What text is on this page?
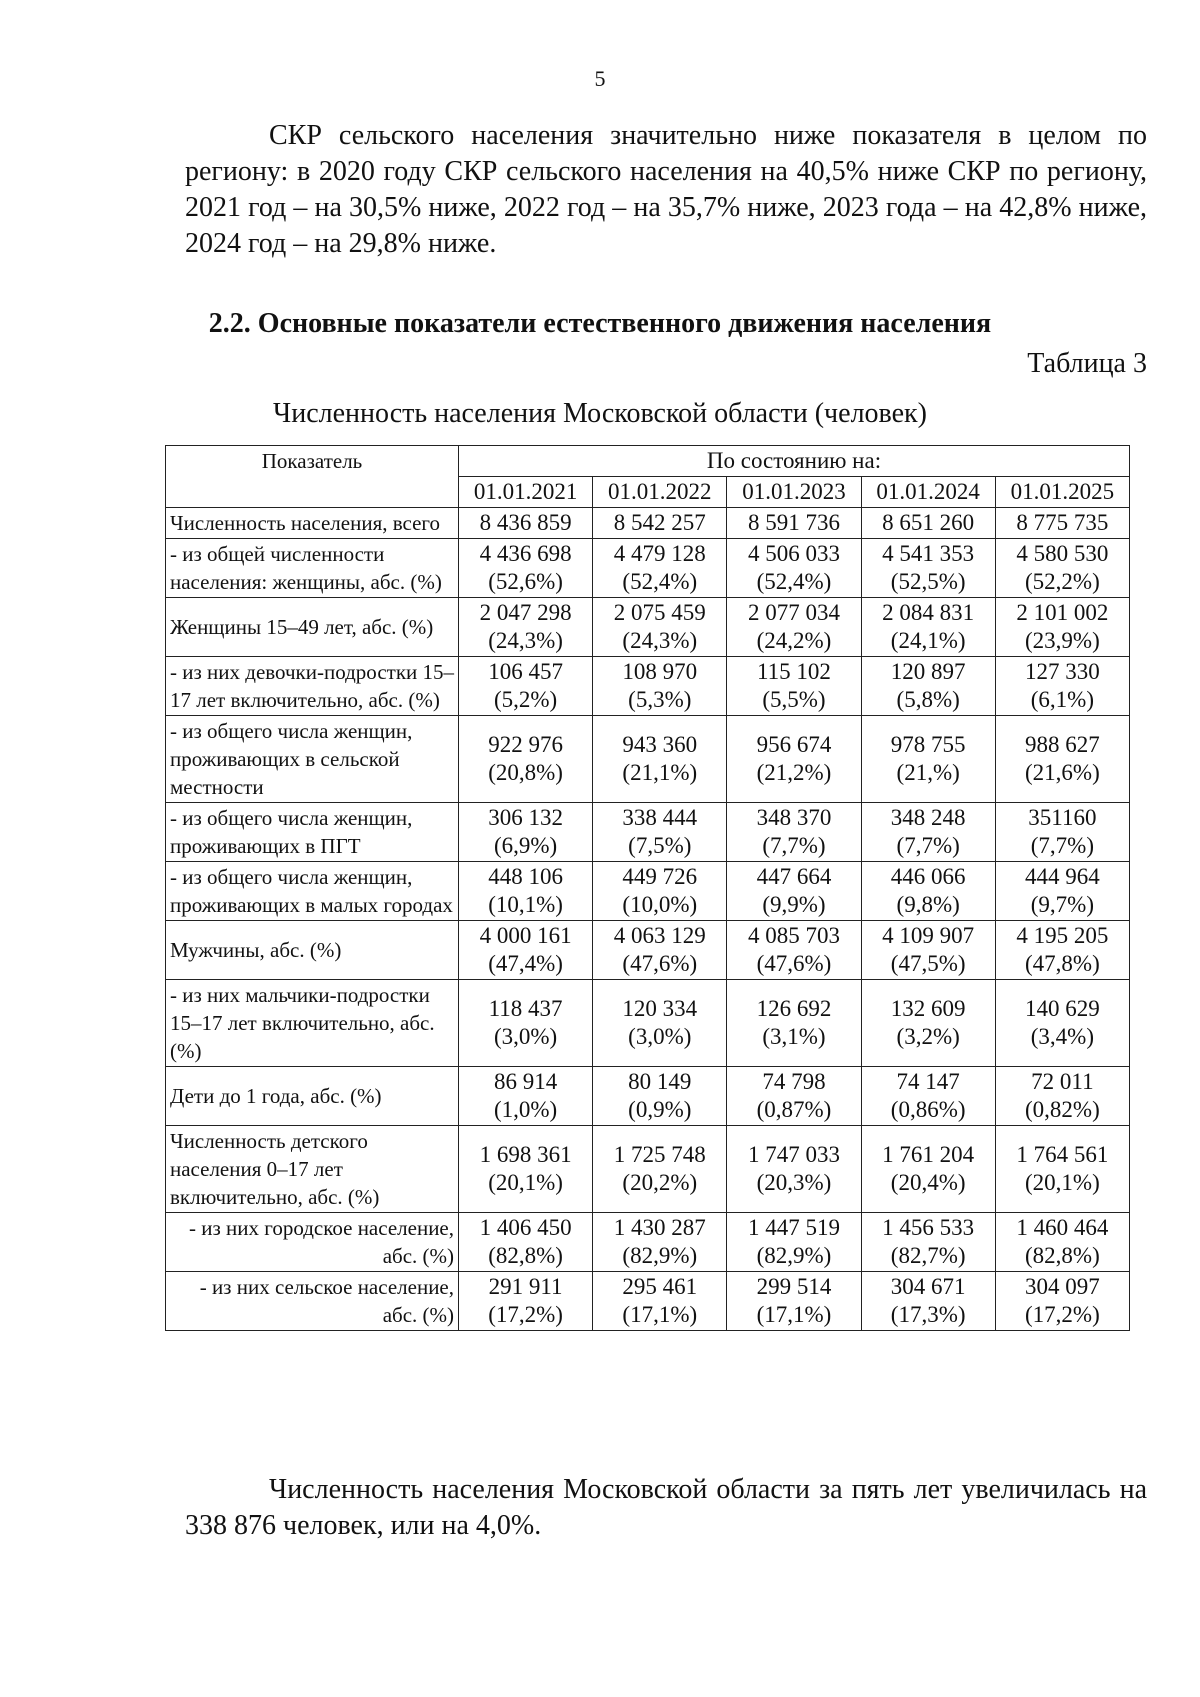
5
СКР сельского населения значительно ниже показателя в целом по региону: в 2020 году СКР сельского населения на 40,5% ниже СКР по региону, 2021 год – на 30,5% ниже, 2022 год – на 35,7% ниже, 2023 года – на 42,8% ниже, 2024 год – на 29,8% ниже.
2.2. Основные показатели естественного движения населения
Таблица 3
Численность населения Московской области (человек)
Показатель	По состоянию на:				
	01.01.2021	01.01.2022	01.01.2023	01.01.2024	01.01.2025
Численность населения, всего	8 436 859	8 542 257	8 591 736	8 651 260	8 775 735
- из общей численности населения: женщины, абс. (%)	4 436 698 (52,6%)	4 479 128 (52,4%)	4 506 033 (52,4%)	4 541 353 (52,5%)	4 580 530 (52,2%)
Женщины 15–49 лет, абс. (%)	2 047 298 (24,3%)	2 075 459 (24,3%)	2 077 034 (24,2%)	2 084 831 (24,1%)	2 101 002 (23,9%)
- из них девочки-подростки 15–17 лет включительно, абс. (%)	106 457 (5,2%)	108 970 (5,3%)	115 102 (5,5%)	120 897 (5,8%)	127 330 (6,1%)
- из общего числа женщин, проживающих в сельской местности	922 976 (20,8%)	943 360 (21,1%)	956 674 (21,2%)	978 755 (21,%)	988 627 (21,6%)
- из общего числа женщин, проживающих в ПГТ	306 132 (6,9%)	338 444 (7,5%)	348 370 (7,7%)	348 248 (7,7%)	351160 (7,7%)
- из общего числа женщин, проживающих в малых городах	448 106 (10,1%)	449 726 (10,0%)	447 664 (9,9%)	446 066 (9,8%)	444 964 (9,7%)
Мужчины, абс. (%)	4 000 161 (47,4%)	4 063 129 (47,6%)	4 085 703 (47,6%)	4 109 907 (47,5%)	4 195 205 (47,8%)
- из них мальчики-подростки 15–17 лет включительно, абс. (%)	118 437 (3,0%)	120 334 (3,0%)	126 692 (3,1%)	132 609 (3,2%)	140 629 (3,4%)
Дети до 1 года, абс. (%)	86 914 (1,0%)	80 149 (0,9%)	74 798 (0,87%)	74 147 (0,86%)	72 011 (0,82%)
Численность детского населения 0–17 лет включительно, абс. (%)	1 698 361 (20,1%)	1 725 748 (20,2%)	1 747 033 (20,3%)	1 761 204 (20,4%)	1 764 561 (20,1%)
- из них городское население, абс. (%)	1 406 450 (82,8%)	1 430 287 (82,9%)	1 447 519 (82,9%)	1 456 533 (82,7%)	1 460 464 (82,8%)
- из них сельское население, абс. (%)	291 911 (17,2%)	295 461 (17,1%)	299 514 (17,1%)	304 671 (17,3%)	304 097 (17,2%)
Численность населения Московской области за пять лет увеличилась на 338 876 человек, или на 4,0%.
